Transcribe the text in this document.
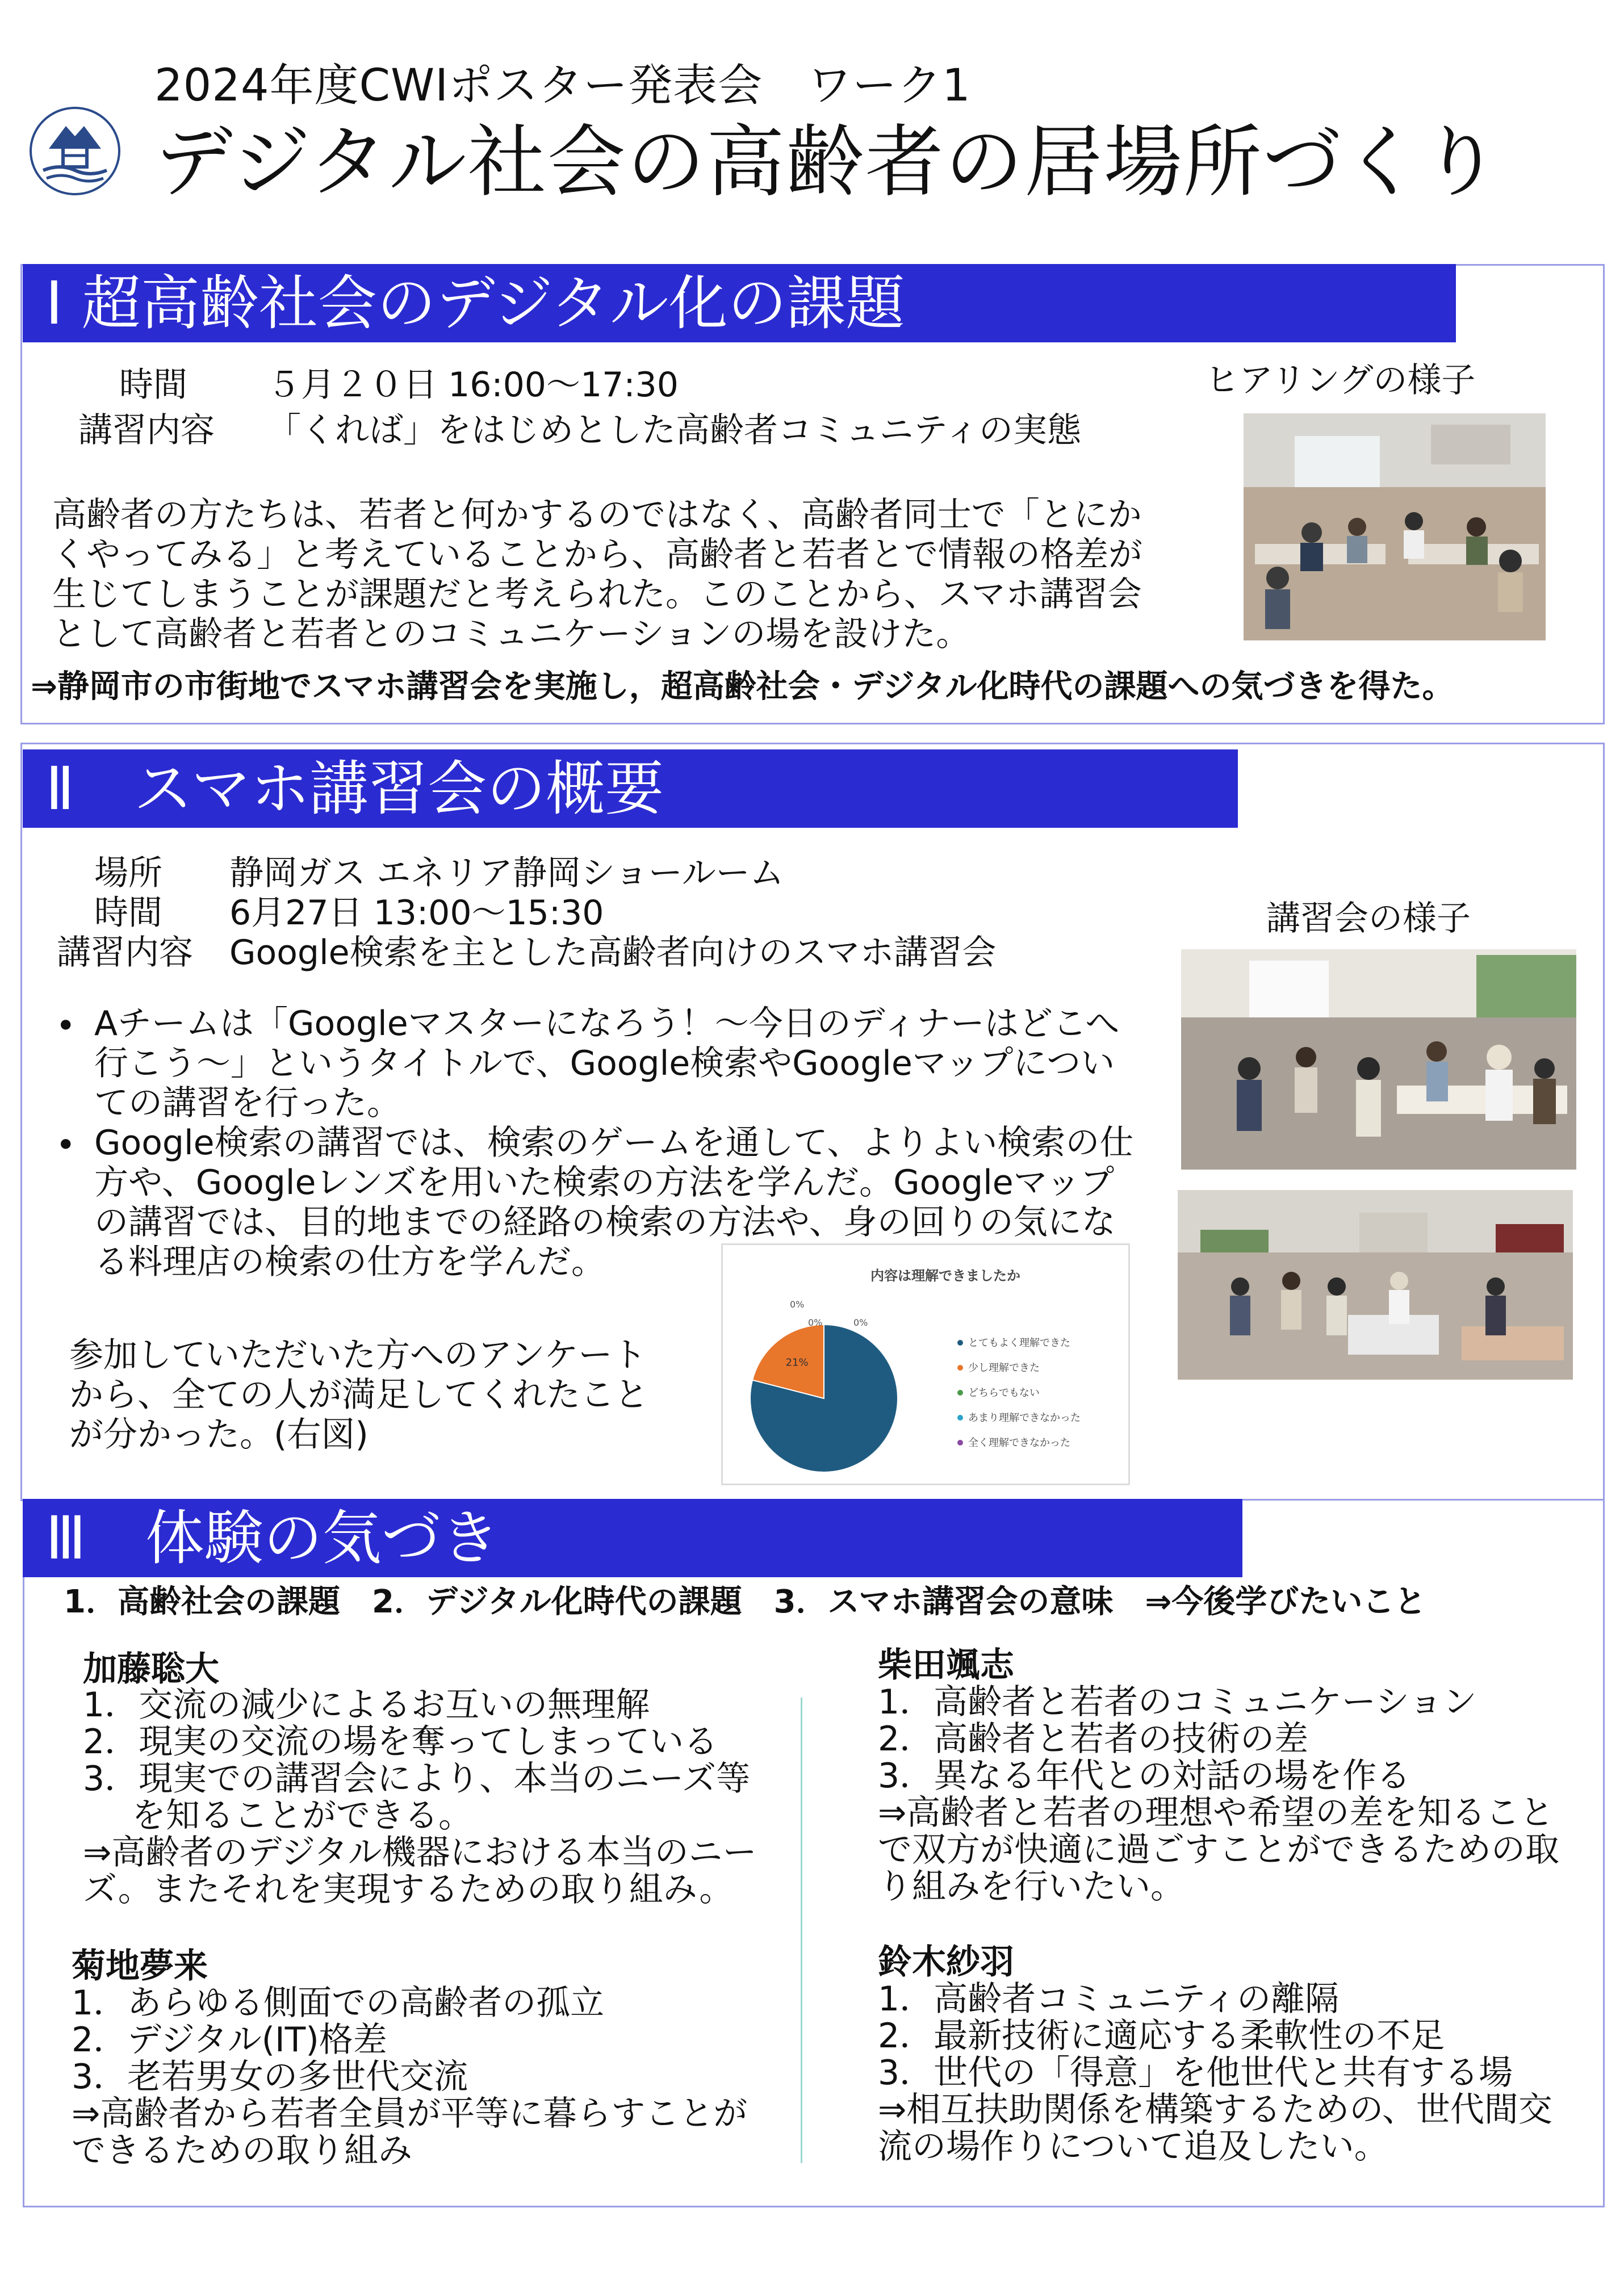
2024年度CWIポスター発表会　ワーク1
デジタル社会の高齢者の居場所づくり
Ⅰ 超高齢社会のデジタル化の課題
時間 ５月２０日 16:00〜17:30
講習内容 「くれば」をはじめとした高齢者コミュニティの実態
高齢者の方たちは、若者と何かするのではなく、高齢者同士で「とにかくやってみる」と考えていることから、高齢者と若者とで情報の格差が生じてしまうことが課題だと考えられた。このことから、スマホ講習会として高齢者と若者とのコミュニケーションの場を設けた。
⇒静岡市の市街地でスマホ講習会を実施し，超高齢社会・デジタル化時代の課題への気づきを得た。
ヒアリングの様子
Ⅱ　スマホ講習会の概要
場所 静岡ガス エネリア静岡ショールーム
時間 6月27日 13:00〜15:30
講習内容 Google検索を主とした高齢者向けのスマホ講習会
• Aチームは「Googleマスターになろう！〜今日のディナーはどこへ行こう〜」というタイトルで、Google検索やGoogleマップについての講習を行った。
• Google検索の講習では、検索のゲームを通して、よりよい検索の仕方や、Googleレンズを用いた検索の方法を学んだ。Googleマップの講習では、目的地までの経路の検索の方法や、身の回りの気になる料理店の検索の仕方を学んだ。
参加していただいた方へのアンケートから、全ての人が満足してくれたことが分かった。(右図)
内容は理解できましたか
79%
21%
0%
0%	0%
とてもよく理解できた
少し理解できた
どちらでもない
あまり理解できなかった
全く理解できなかった
講習会の様子
Ⅲ　体験の気づき
1．高齢社会の課題　2．デジタル化時代の課題　3．スマホ講習会の意味　⇒今後学びたいこと
加藤聡大
1．交流の減少によるお互いの無理解
2．現実の交流の場を奪ってしまっている
3．現実での講習会により、本当のニーズ等
を知ることができる。
⇒高齢者のデジタル機器における本当のニー
ズ。またそれを実現するための取り組み。
菊地夢来
1．あらゆる側面での高齢者の孤立
2．デジタル(IT)格差
3．老若男女の多世代交流
⇒高齢者から若者全員が平等に暮らすことが
できるための取り組み
柴田颯志
1．高齢者と若者のコミュニケーション
2．高齢者と若者の技術の差
3．異なる年代との対話の場を作る
⇒高齢者と若者の理想や希望の差を知ること
で双方が快適に過ごすことができるための取
り組みを行いたい。
鈴木紗羽
1．高齢者コミュニティの離隔
2．最新技術に適応する柔軟性の不足
3．世代の「得意」を他世代と共有する場
⇒相互扶助関係を構築するための、世代間交
流の場作りについて追及したい。
